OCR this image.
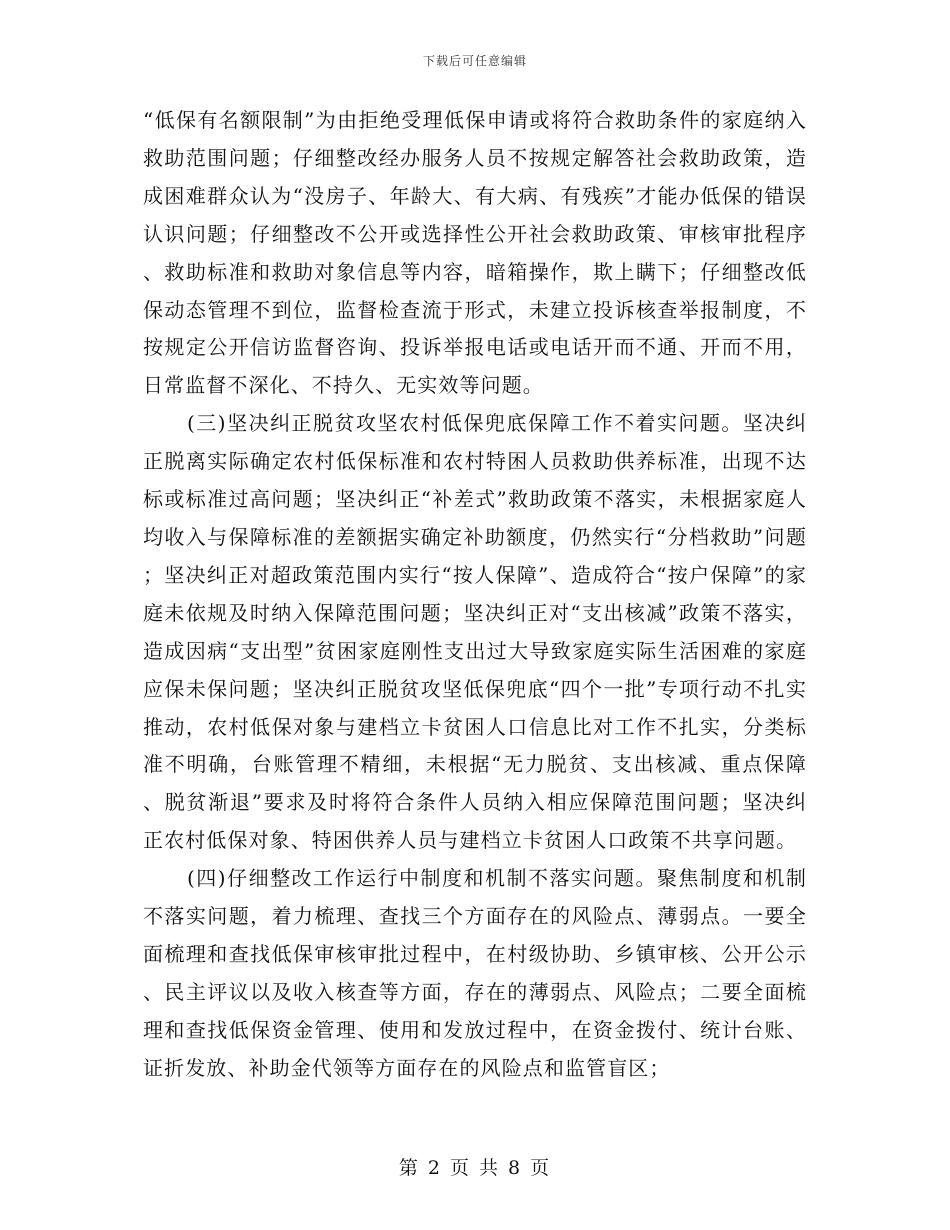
下载后可任意编辑

“低保有名额限制”为由拒绝受理低保申请或将符合救助条件的家庭纳入救助范围问题；仔细整改经办服务人员不按规定解答社会救助政策，造成困难群众认为“没房子、年龄大、有大病、有残疾”才能办低保的错误认识问题；仔细整改不公开或选择性公开社会救助政策、审核审批程序、救助标准和救助对象信息等内容，暗箱操作，欺上瞒下；仔细整改低保动态管理不到位，监督检查流于形式，未建立投诉核查举报制度，不按规定公开信访监督咨询、投诉举报电话或电话开而不通、开而不用，日常监督不深化、不持久、无实效等问题。

(三)坚决纠正脱贫攻坚农村低保兜底保障工作不着实问题。坚决纠正脱离实际确定农村低保标准和农村特困人员救助供养标准，出现不达标或标准过高问题；坚决纠正“补差式”救助政策不落实，未根据家庭人均收入与保障标准的差额据实确定补助额度，仍然实行“分档救助”问题；坚决纠正对超政策范围内实行“按人保障”、造成符合“按户保障”的家庭未依规及时纳入保障范围问题；坚决纠正对“支出核减”政策不落实，造成因病“支出型”贫困家庭刚性支出过大导致家庭实际生活困难的家庭应保未保问题；坚决纠正脱贫攻坚低保兜底“四个一批”专项行动不扎实推动，农村低保对象与建档立卡贫困人口信息比对工作不扎实，分类标准不明确，台账管理不精细，未根据“无力脱贫、支出核减、重点保障、脱贫渐退”要求及时将符合条件人员纳入相应保障范围问题；坚决纠正农村低保对象、特困供养人员与建档立卡贫困人口政策不共享问题。

(四)仔细整改工作运行中制度和机制不落实问题。聚焦制度和机制不落实问题，着力梳理、查找三个方面存在的风险点、薄弱点。一要全面梳理和查找低保审核审批过程中，在村级协助、乡镇审核、公开公示、民主评议以及收入核查等方面，存在的薄弱点、风险点；二要全面梳理和查找低保资金管理、使用和发放过程中，在资金拨付、统计台账、证折发放、补助金代领等方面存在的风险点和监管盲区；

第 2 页 共 8 页
